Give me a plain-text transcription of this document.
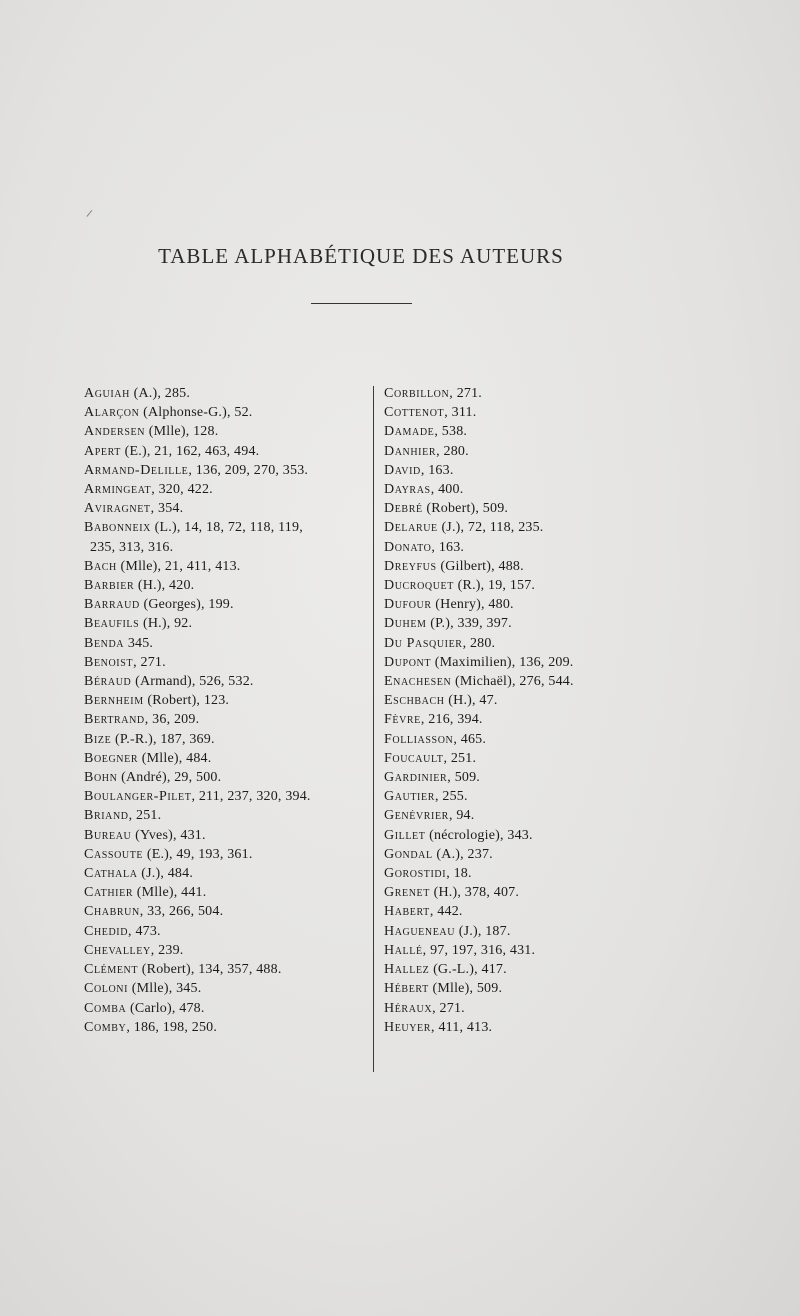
TABLE ALPHABÉTIQUE DES AUTEURS
Aguiah (A.), 285.
Alarçon (Alphonse-G.), 52.
Andersen (Mlle), 128.
Apert (E.), 21, 162, 463, 494.
Armand-Delille, 136, 209, 270, 353.
Armingeat, 320, 422.
Aviragnet, 354.
Babonneix (L.), 14, 18, 72, 118, 119,
235, 313, 316.
Bach (Mlle), 21, 411, 413.
Barbier (H.), 420.
Barraud (Georges), 199.
Beaufils (H.), 92.
Benda 345.
Benoist, 271.
Béraud (Armand), 526, 532.
Bernheim (Robert), 123.
Bertrand, 36, 209.
Bize (P.-R.), 187, 369.
Boegner (Mlle), 484.
Bohn (André), 29, 500.
Boulanger-Pilet, 211, 237, 320, 394.
Briand, 251.
Bureau (Yves), 431.
Cassoute (E.), 49, 193, 361.
Cathala (J.), 484.
Cathier (Mlle), 441.
Chabrun, 33, 266, 504.
Chedid, 473.
Chevalley, 239.
Clément (Robert), 134, 357, 488.
Coloni (Mlle), 345.
Comba (Carlo), 478.
Comby, 186, 198, 250.
Corbillon, 271.
Cottenot, 311.
Damade, 538.
Danhier, 280.
David, 163.
Dayras, 400.
Debré (Robert), 509.
Delarue (J.), 72, 118, 235.
Donato, 163.
Dreyfus (Gilbert), 488.
Ducroquet (R.), 19, 157.
Dufour (Henry), 480.
Duhem (P.), 339, 397.
Du Pasquier, 280.
Dupont (Maximilien), 136, 209.
Enachesen (Michaël), 276, 544.
Eschbach (H.), 47.
Fèvre, 216, 394.
Folliasson, 465.
Foucault, 251.
Gardinier, 509.
Gautier, 255.
Genévrier, 94.
Gillet (nécrologie), 343.
Gondal (A.), 237.
Gorostidi, 18.
Grenet (H.), 378, 407.
Habert, 442.
Hagueneau (J.), 187.
Hallé, 97, 197, 316, 431.
Hallez (G.-L.), 417.
Hébert (Mlle), 509.
Héraux, 271.
Heuyer, 411, 413.
